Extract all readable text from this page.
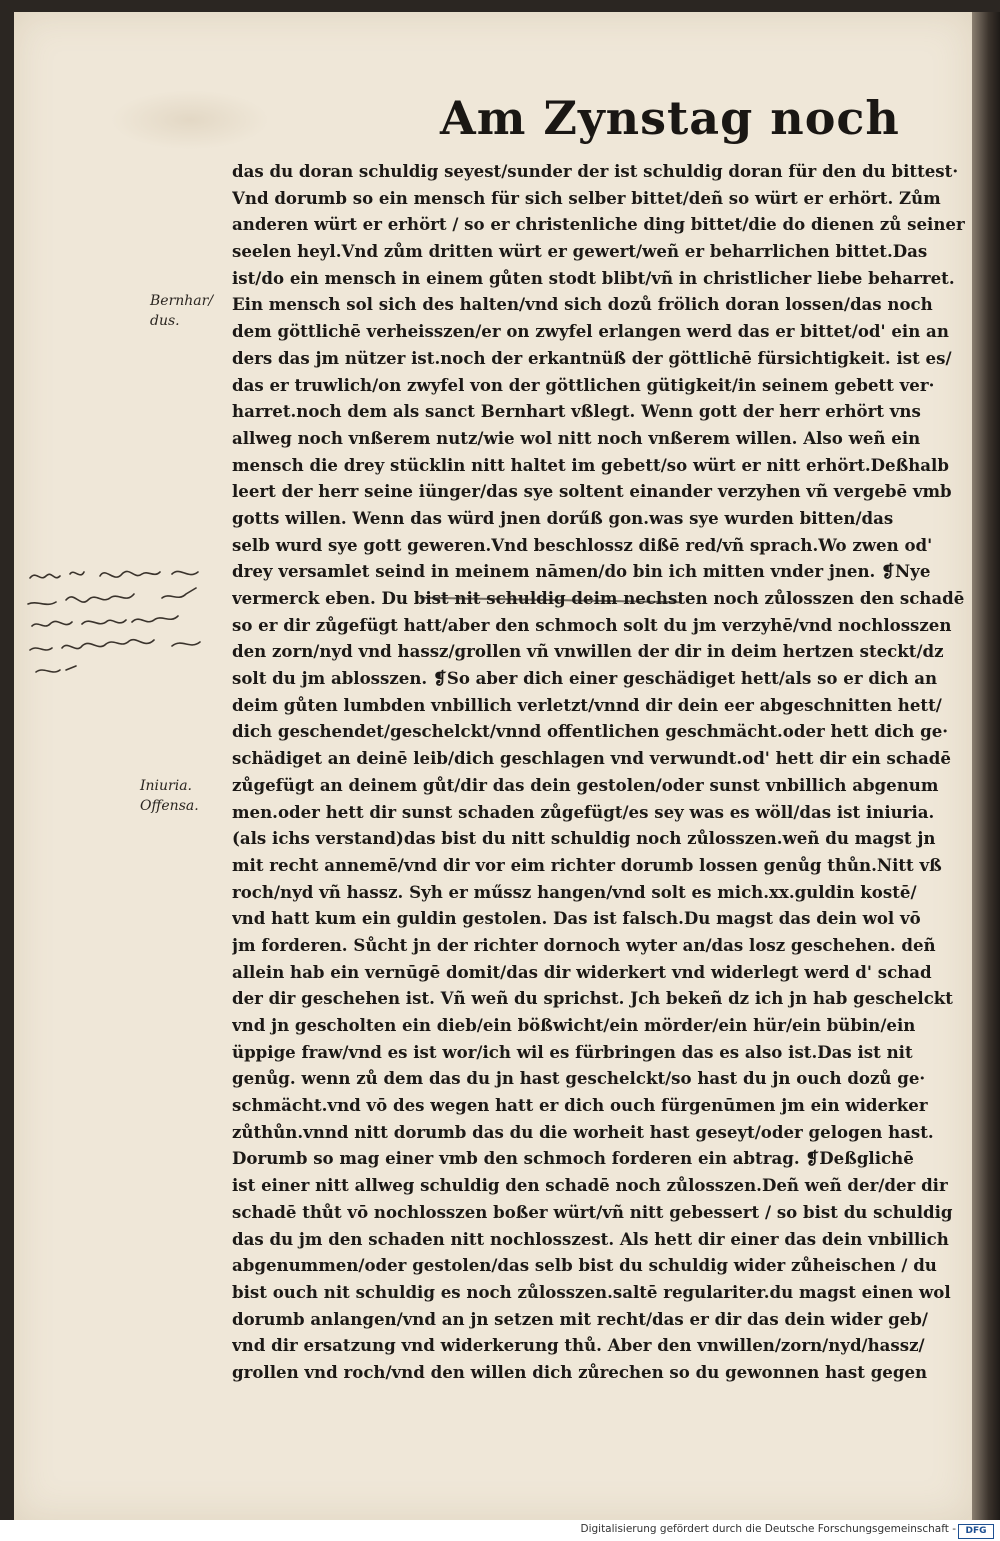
Am Zynstag noch
Bernhar/
dus.
Iniuria.
Offensa.
das du doran schuldig seyest/sunder der ist schuldig doran für den du bittest·
Vnd dorumb so ein mensch für sich selber bittet/deñ so würt er erhört. Zům
anderen würt er erhört / so er christenliche ding bittet/die do dienen zů seiner
seelen heyl.Vnd zům dritten würt er gewert/weñ er beharrlichen bittet.Das
ist/do ein mensch in einem gůten stodt blibt/vñ in christlicher liebe beharret.
Ein mensch sol sich des halten/vnd sich dozů frölich doran lossen/das noch
dem göttlichē verheisszen/er on zwyfel erlangen werd das er bittet/od' ein an
ders das jm nützer ist.noch der erkantnüß der göttlichē fürsichtigkeit. ist es/
das er truwlich/on zwyfel von der göttlichen gütigkeit/in seinem gebett ver·
harret.noch dem als sanct Bernhart vßlegt. Wenn gott der herr erhört vns
allweg noch vnßerem nutz/wie wol nitt noch vnßerem willen. Also weñ ein
mensch die drey stücklin nitt haltet im gebett/so würt er nitt erhört.Deßhalb
leert der herr seine iünger/das sye soltent einander verzyhen vñ vergebē vmb
gotts willen. Wenn das würd jnen dorűß gon.was sye wurden bitten/das
selb wurd sye gott geweren.Vnd beschlossz dißē red/vñ sprach.Wo zwen od'
drey versamlet seind in meinem nāmen/do bin ich mitten vnder jnen. ❡Nye
vermerck eben. Du bist nit schuldig deim nechsten noch zůlosszen den schadē
so er dir zůgefügt hatt/aber den schmoch solt du jm verzyhē/vnd nochlosszen
den zorn/nyd vnd hassz/grollen vñ vnwillen der dir in deim hertzen steckt/dz
solt du jm ablosszen. ❡So aber dich einer geschädiget hett/als so er dich an
deim gůten lumbden vnbillich verletzt/vnnd dir dein eer abgeschnitten hett/
dich geschendet/geschelckt/vnnd offentlichen geschmächt.oder hett dich ge·
schädiget an deinē leib/dich geschlagen vnd verwundt.od' hett dir ein schadē
zůgefügt an deinem gůt/dir das dein gestolen/oder sunst vnbillich abgenum
men.oder hett dir sunst schaden zůgefügt/es sey was es wöll/das ist iniuria.
(als ichs verstand)das bist du nitt schuldig noch zůlosszen.weñ du magst jn
mit recht annemē/vnd dir vor eim richter dorumb lossen genůg thůn.Nitt vß
roch/nyd vñ hassz. Syh er műssz hangen/vnd solt es mich.xx.guldin kostē/
vnd hatt kum ein guldin gestolen. Das ist falsch.Du magst das dein wol vō
jm forderen. Sůcht jn der richter dornoch wyter an/das losz geschehen. deñ
allein hab ein vernūgē domit/das dir widerkert vnd widerlegt werd d' schad
der dir geschehen ist. Vñ weñ du sprichst. Jch bekeñ dz ich jn hab geschelckt
vnd jn gescholten ein dieb/ein bößwicht/ein mörder/ein hür/ein bübin/ein
üppige fraw/vnd es ist wor/ich wil es fürbringen das es also ist.Das ist nit
genůg. wenn zů dem das du jn hast geschelckt/so hast du jn ouch dozů ge·
schmächt.vnd vō des wegen hatt er dich ouch fürgenūmen jm ein widerker
zůthůn.vnnd nitt dorumb das du die worheit hast geseyt/oder gelogen hast.
Dorumb so mag einer vmb den schmoch forderen ein abtrag. ❡Deßglichē
ist einer nitt allweg schuldig den schadē noch zůlosszen.Deñ weñ der/der dir
schadē thůt vō nochlosszen boßer würt/vñ nitt gebessert / so bist du schuldig
das du jm den schaden nitt nochlosszest. Als hett dir einer das dein vnbillich
abgenummen/oder gestolen/das selb bist du schuldig wider zůheischen / du
bist ouch nit schuldig es noch zůlosszen.saltē regulariter.du magst einen wol
dorumb anlangen/vnd an jn setzen mit recht/das er dir das dein wider geb/
vnd dir ersatzung vnd widerkerung thů. Aber den vnwillen/zorn/nyd/hassz/
grollen vnd roch/vnd den willen dich zůrechen so du gewonnen hast gegen
Digitalisierung gefördert durch die Deutsche Forschungsgemeinschaft -	DFG
